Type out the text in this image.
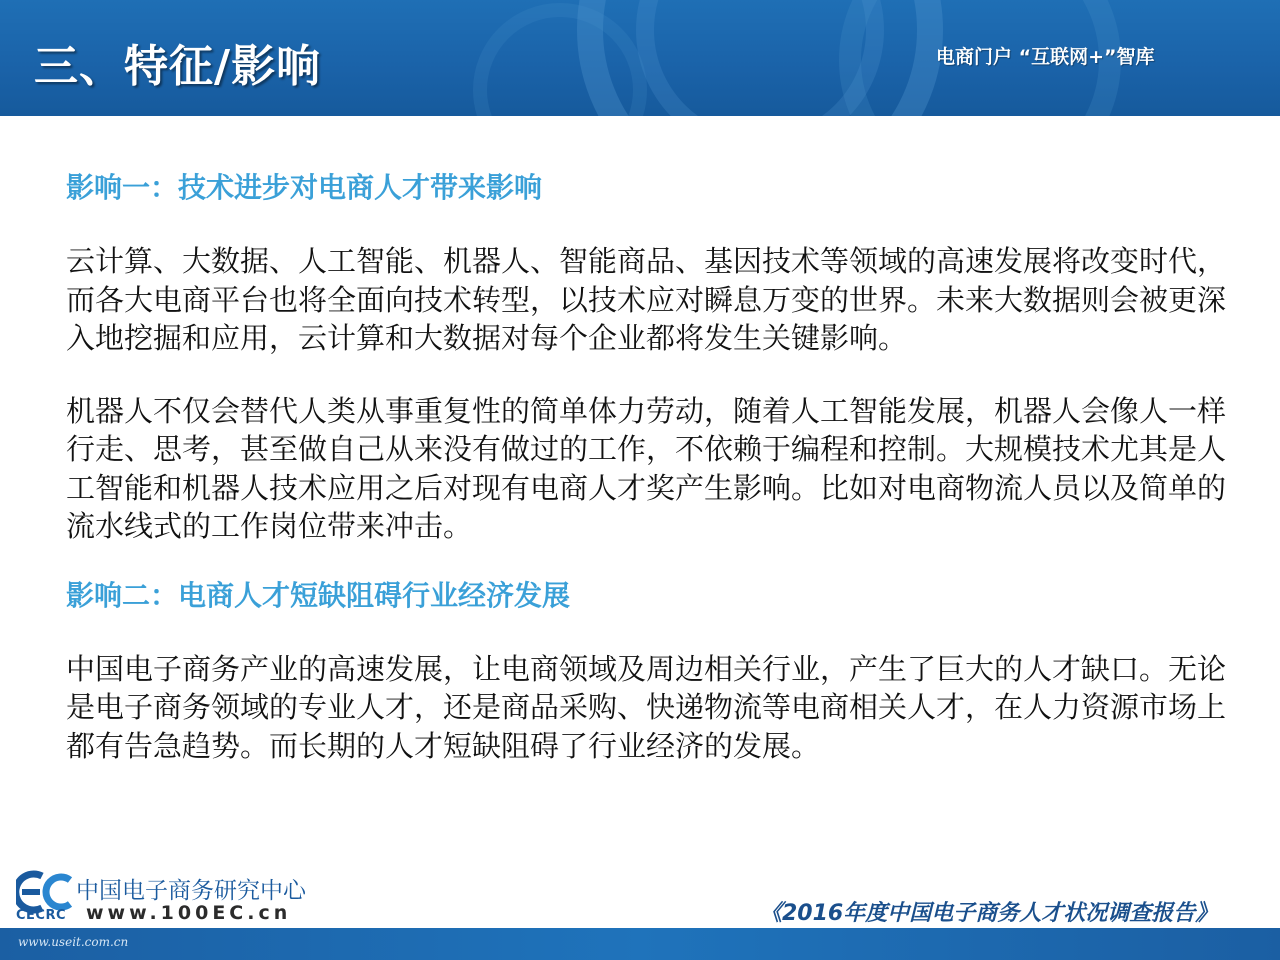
三、特征/影响	电商门户 “互联网+”智库

影响一：技术进步对电商人才带来影响

云计算、大数据、人工智能、机器人、智能商品、基因技术等领域的高速发展将改变时代，而各大电商平台也将全面向技术转型，以技术应对瞬息万变的世界。未来大数据则会被更深入地挖掘和应用，云计算和大数据对每个企业都将发生关键影响。

机器人不仅会替代人类从事重复性的简单体力劳动，随着人工智能发展，机器人会像人一样行走、思考，甚至做自己从来没有做过的工作，不依赖于编程和控制。大规模技术尤其是人工智能和机器人技术应用之后对现有电商人才奖产生影响。比如对电商物流人员以及简单的流水线式的工作岗位带来冲击。

影响二：电商人才短缺阻碍行业经济发展

中国电子商务产业的高速发展，让电商领域及周边相关行业，产生了巨大的人才缺口。无论是电子商务领域的专业人才，还是商品采购、快递物流等电商相关人才，在人力资源市场上都有告急趋势。而长期的人才短缺阻碍了行业经济的发展。

CECRC
中国电子商务研究中心
www.100EC.cn	《2016年度中国电子商务人才状况调查报告》
www.useit.com.cn
